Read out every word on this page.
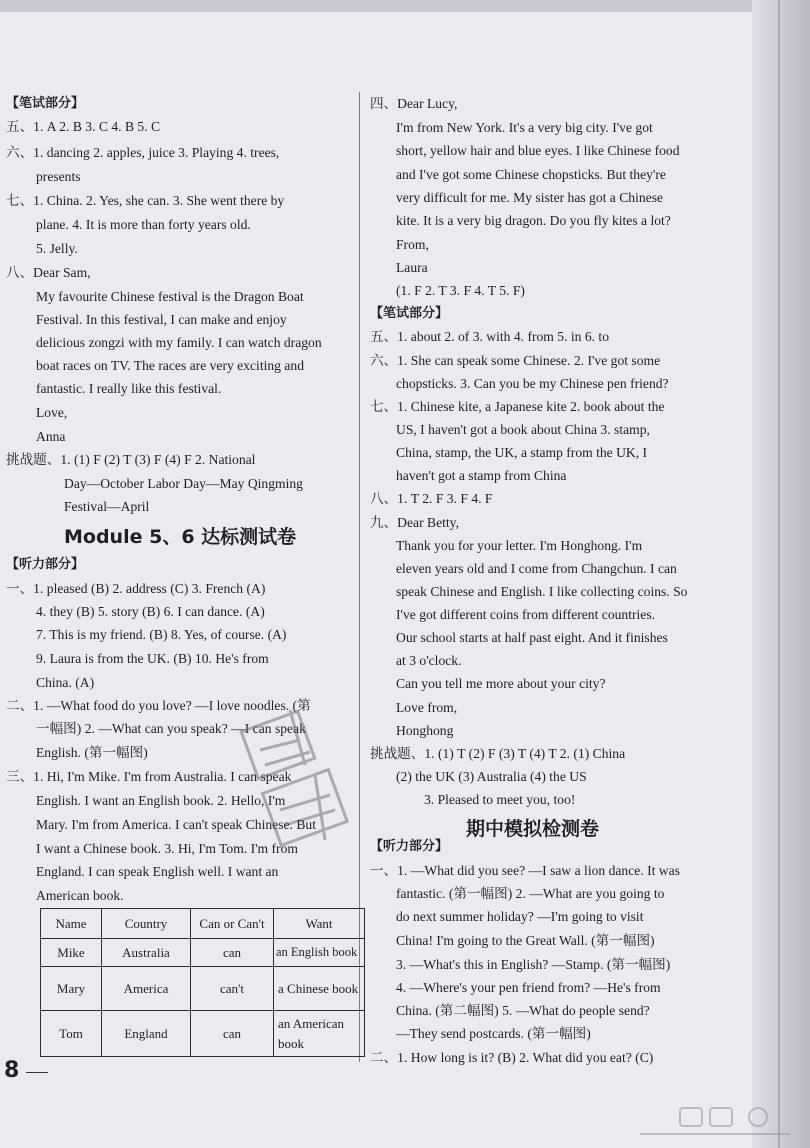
【笔试部分】
五、1. A 2. B 3. C 4. B 5. C
六、1. dancing 2. apples, juice 3. Playing 4. trees,
presents
七、1. China. 2. Yes, she can. 3. She went there by
plane. 4. It is more than forty years old.
5. Jelly.
八、Dear Sam,
My favourite Chinese festival is the Dragon Boat
Festival. In this festival, I can make and enjoy
delicious zongzi with my family. I can watch dragon
boat races on TV. The races are very exciting and
fantastic. I really like this festival.
Love,
Anna
挑战题、1. (1) F (2) T (3) F (4) F 2. National
Day—October Labor Day—May Qingming
Festival—April
Module 5、6 达标测试卷
【听力部分】
一、1. pleased (B) 2. address (C) 3. French (A)
4. they (B) 5. story (B) 6. I can dance. (A)
7. This is my friend. (B) 8. Yes, of course. (A)
9. Laura is from the UK. (B) 10. He's from
China. (A)
二、1. —What food do you love? —I love noodles. (第
一幅图) 2. —What can you speak? —I can speak
English. (第一幅图)
三、1. Hi, I'm Mike. I'm from Australia. I can speak
English. I want an English book. 2. Hello, I'm
Mary. I'm from America. I can't speak Chinese. But
I want a Chinese book. 3. Hi, I'm Tom. I'm from
England. I can speak English well. I want an
American book.
Name	Country	Can or Can't	Want
Mike	Australia	can	an English book
Mary	America	can't	a Chinese book
Tom	England	can	an American book
四、Dear Lucy,
I'm from New York. It's a very big city. I've got
short, yellow hair and blue eyes. I like Chinese food
and I've got some Chinese chopsticks. But they're
very difficult for me. My sister has got a Chinese
kite. It is a very big dragon. Do you fly kites a lot?
From,
Laura
(1. F 2. T 3. F 4. T 5. F)
【笔试部分】
五、1. about 2. of 3. with 4. from 5. in 6. to
六、1. She can speak some Chinese. 2. I've got some
chopsticks. 3. Can you be my Chinese pen friend?
七、1. Chinese kite, a Japanese kite 2. book about the
US, I haven't got a book about China 3. stamp,
China, stamp, the UK, a stamp from the UK, I
haven't got a stamp from China
八、1. T 2. F 3. F 4. F
九、Dear Betty,
Thank you for your letter. I'm Honghong. I'm
eleven years old and I come from Changchun. I can
speak Chinese and English. I like collecting coins. So
I've got different coins from different countries.
Our school starts at half past eight. And it finishes
at 3 o'clock.
Can you tell me more about your city?
Love from,
Honghong
挑战题、1. (1) T (2) F (3) T (4) T 2. (1) China
(2) the UK (3) Australia (4) the US
3. Pleased to meet you, too!
期中模拟检测卷
【听力部分】
一、1. —What did you see? —I saw a lion dance. It was
fantastic. (第一幅图) 2. —What are you going to
do next summer holiday? —I'm going to visit
China! I'm going to the Great Wall. (第一幅图)
3. —What's this in English? —Stamp. (第一幅图)
4. —Where's your pen friend from? —He's from
China. (第二幅图) 5. —What do people send?
—They send postcards. (第一幅图)
二、1. How long is it? (B) 2. What did you eat? (C)
8
